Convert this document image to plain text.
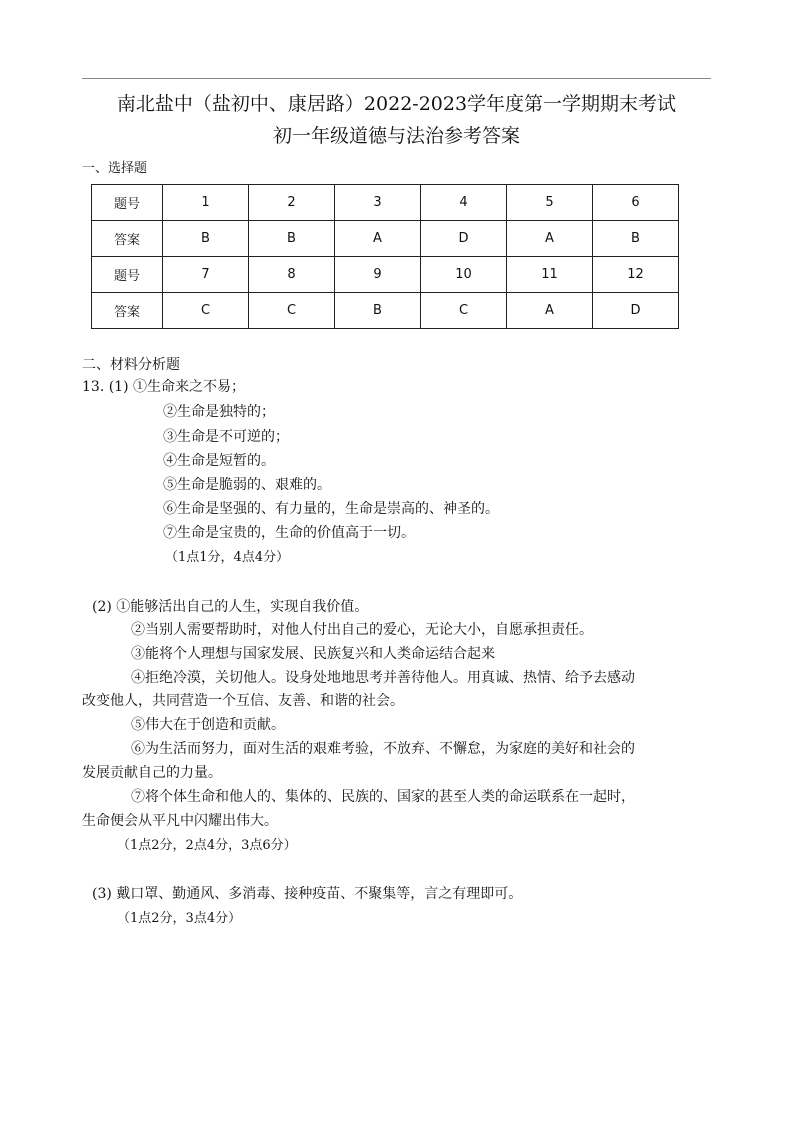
南北盐中（盐初中、康居路）2022-2023学年度第一学期期末考试
初一年级道德与法治参考答案
一、选择题
题号	1	2	3	4	5	6
答案	B	B	A	D	A	B
题号	7	8	9	10	11	12
答案	C	C	B	C	A	D
二、材料分析题
13. (1) ①生命来之不易；
②生命是独特的；
③生命是不可逆的；
④生命是短暂的。
⑤生命是脆弱的、艰难的。
⑥生命是坚强的、有力量的，生命是崇高的、神圣的。
⑦生命是宝贵的，生命的价值高于一切。
（1点1分，4点4分）
(2) ①能够活出自己的人生，实现自我价值。
②当别人需要帮助时，对他人付出自己的爱心，无论大小，自愿承担责任。
③能将个人理想与国家发展、民族复兴和人类命运结合起来
④拒绝冷漠，关切他人。设身处地地思考并善待他人。用真诚、热情、给予去感动
改变他人，共同营造一个互信、友善、和谐的社会。
⑤伟大在于创造和贡献。
⑥为生活而努力，面对生活的艰难考验，不放弃、不懈怠，为家庭的美好和社会的
发展贡献自己的力量。
⑦将个体生命和他人的、集体的、民族的、国家的甚至人类的命运联系在一起时，
生命便会从平凡中闪耀出伟大。
（1点2分，2点4分，3点6分）
(3) 戴口罩、勤通风、多消毒、接种疫苗、不聚集等，言之有理即可。
（1点2分，3点4分）
